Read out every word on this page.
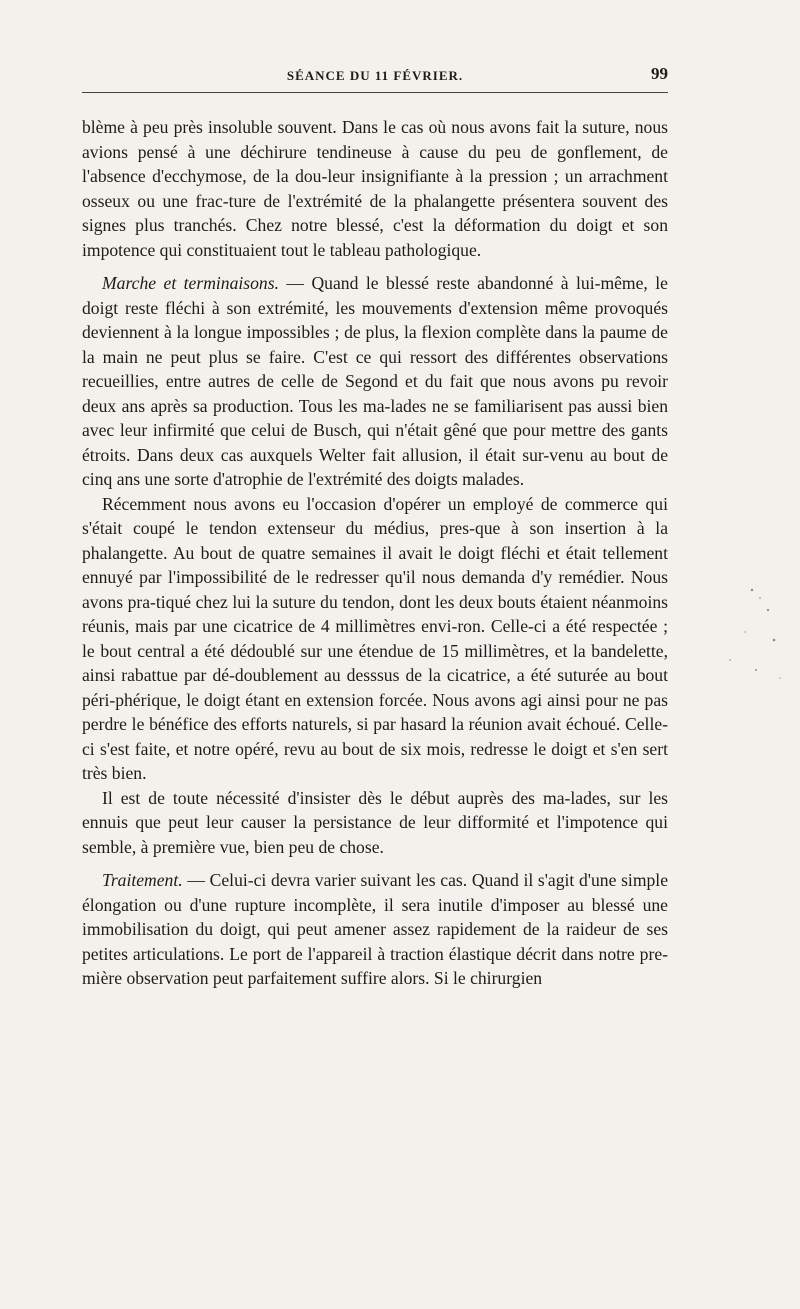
SÉANCE DU 11 FÉVRIER.	99

blème à peu près insoluble souvent. Dans le cas où nous avons fait la suture, nous avions pensé à une déchirure tendineuse à cause du peu de gonflement, de l'absence d'ecchymose, de la dou-leur insignifiante à la pression ; un arrachment osseux ou une frac-ture de l'extrémité de la phalangette présentera souvent des signes plus tranchés. Chez notre blessé, c'est la déformation du doigt et son impotence qui constituaient tout le tableau pathologique.

Marche et terminaisons. — Quand le blessé reste abandonné à lui-même, le doigt reste fléchi à son extrémité, les mouvements d'extension même provoqués deviennent à la longue impossibles ; de plus, la flexion complète dans la paume de la main ne peut plus se faire. C'est ce qui ressort des différentes observations recueillies, entre autres de celle de Segond et du fait que nous avons pu revoir deux ans après sa production. Tous les ma-lades ne se familiarisent pas aussi bien avec leur infirmité que celui de Busch, qui n'était gêné que pour mettre des gants étroits. Dans deux cas auxquels Welter fait allusion, il était sur-venu au bout de cinq ans une sorte d'atrophie de l'extrémité des doigts malades.

Récemment nous avons eu l'occasion d'opérer un employé de commerce qui s'était coupé le tendon extenseur du médius, pres-que à son insertion à la phalangette. Au bout de quatre semaines il avait le doigt fléchi et était tellement ennuyé par l'impossibilité de le redresser qu'il nous demanda d'y remédier. Nous avons pra-tiqué chez lui la suture du tendon, dont les deux bouts étaient néanmoins réunis, mais par une cicatrice de 4 millimètres envi-ron. Celle-ci a été respectée ; le bout central a été dédoublé sur une étendue de 15 millimètres, et la bandelette, ainsi rabattue par dé-doublement au desssus de la cicatrice, a été suturée au bout péri-phérique, le doigt étant en extension forcée. Nous avons agi ainsi pour ne pas perdre le bénéfice des efforts naturels, si par hasard la réunion avait échoué. Celle-ci s'est faite, et notre opéré, revu au bout de six mois, redresse le doigt et s'en sert très bien.

Il est de toute nécessité d'insister dès le début auprès des ma-lades, sur les ennuis que peut leur causer la persistance de leur difformité et l'impotence qui semble, à première vue, bien peu de chose.

Traitement. — Celui-ci devra varier suivant les cas. Quand il s'agit d'une simple élongation ou d'une rupture incomplète, il sera inutile d'imposer au blessé une immobilisation du doigt, qui peut amener assez rapidement de la raideur de ses petites articulations. Le port de l'appareil à traction élastique décrit dans notre pre-mière observation peut parfaitement suffire alors. Si le chirurgien
